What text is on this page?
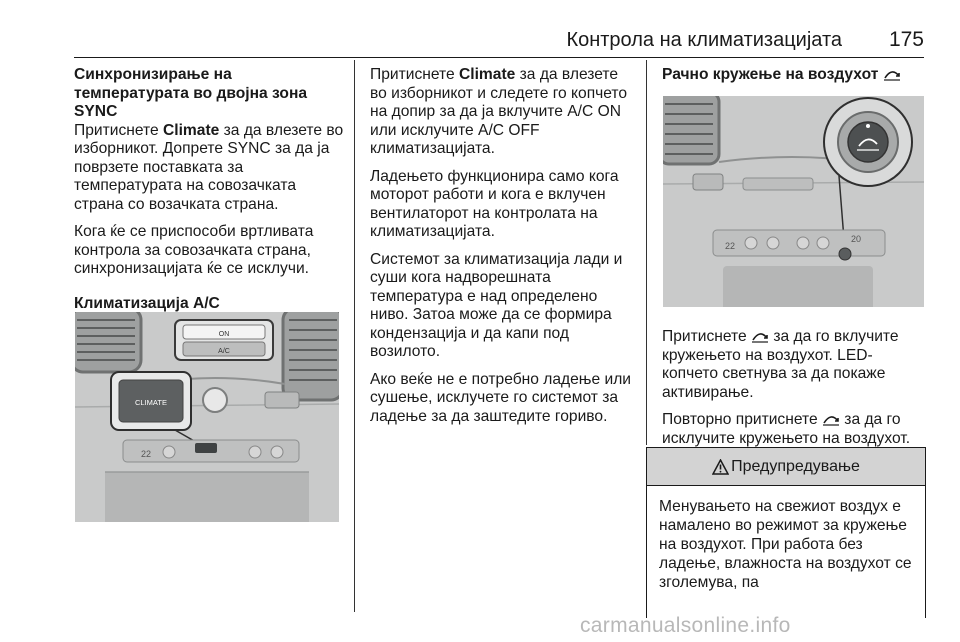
Контрола на климатизацијата 175
Синхронизирање на температурата во двојна зона SYNC

Притиснете Climate за да влезете во изборникот. Допрете SYNC за да ја поврзете поставката за температурата на совозачката страна со возачката страна.

Кога ќе се приспособи вртливата контрола за совозачката страна, синхронизацијата ќе се исклучи.

Климатизација A/C
ON
A/C
CLIMATE
22

Притиснете Climate за да влезете во изборникот и следете го копчето на допир за да ја вклучите A/C ON или исклучите A/C OFF климатизацијата.

Ладењето функционира само кога моторот работи и кога е вклучен вентилаторот на контролата на климатизацијата.

Системот за климатизација лади и суши кога надворешната температура е над определено ниво. Затоа може да се формира кондензација и да капи под возилото.

Ако веќе не е потребно ладење или сушење, исклучете го системот за ладење за да заштедите гориво.

Рачно кружење на воздухот
22
20

Притиснете  за да го вклучите кружењето на воздухот. LED-копчето светнува за да покаже активирање.

Повторно притиснете  за да го исклучите кружењето на воздухот.

Предупредување
Менувањето на свежиот воздух е намалено во режимот за кружење на воздухот. При работа без ладење, влажноста на воздухот се зголемува, па
carmanualsonline.info
